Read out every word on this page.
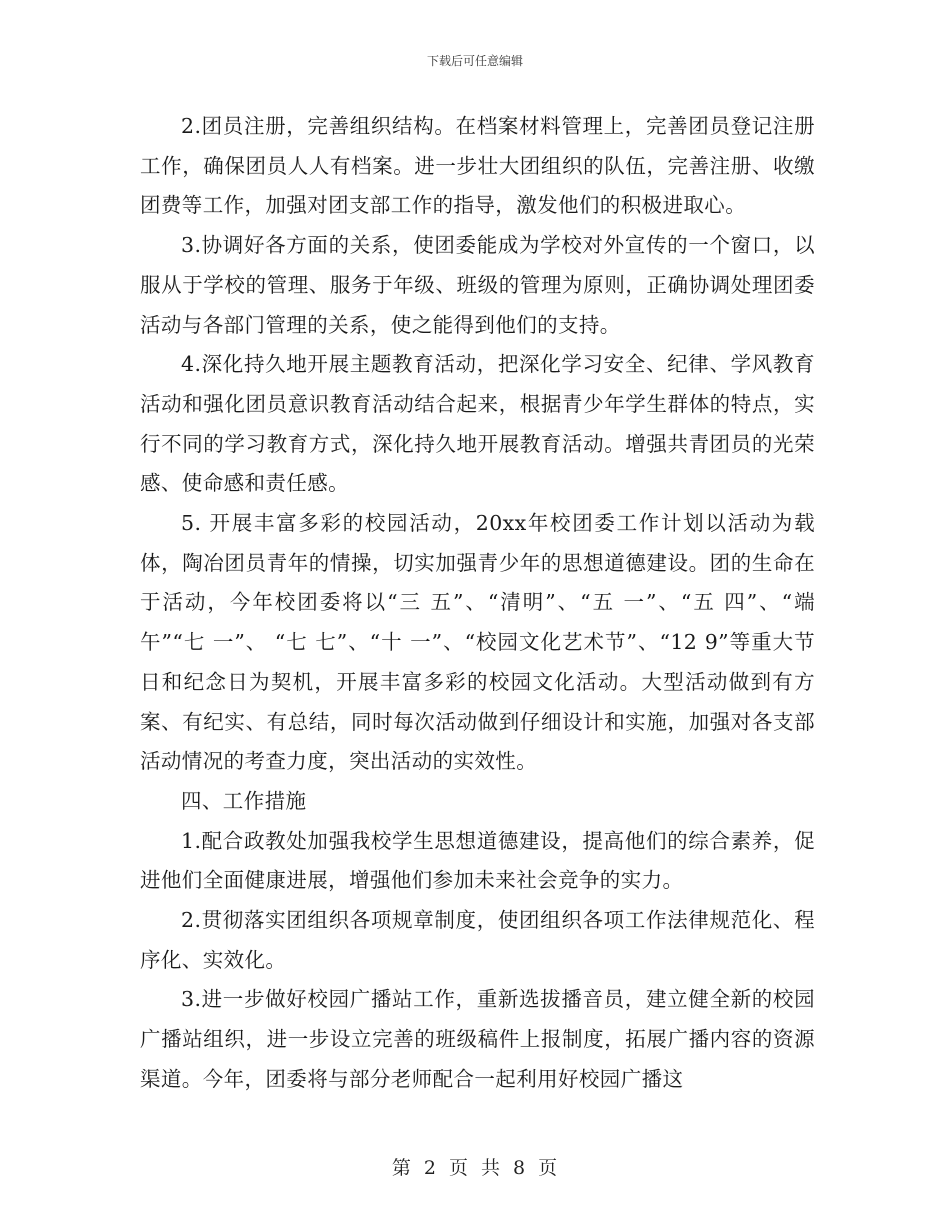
下载后可任意编辑

2.团员注册，完善组织结构。在档案材料管理上，完善团员登记注册工作，确保团员人人有档案。进一步壮大团组织的队伍，完善注册、收缴团费等工作，加强对团支部工作的指导，激发他们的积极进取心。

3.协调好各方面的关系，使团委能成为学校对外宣传的一个窗口，以服从于学校的管理、服务于年级、班级的管理为原则，正确协调处理团委活动与各部门管理的关系，使之能得到他们的支持。

4.深化持久地开展主题教育活动，把深化学习安全、纪律、学风教育活动和强化团员意识教育活动结合起来，根据青少年学生群体的特点，实行不同的学习教育方式，深化持久地开展教育活动。增强共青团员的光荣感、使命感和责任感。

5. 开展丰富多彩的校园活动，20xx年校团委工作计划以活动为载体，陶冶团员青年的情操，切实加强青少年的思想道德建设。团的生命在于活动，今年校团委将以“三 五”、“清明”、“五 一”、“五 四”、“端午”“七 一”、 “七 七”、“十 一”、“校园文化艺术节”、“12 9”等重大节日和纪念日为契机，开展丰富多彩的校园文化活动。大型活动做到有方案、有纪实、有总结，同时每次活动做到仔细设计和实施，加强对各支部活动情况的考查力度，突出活动的实效性。

四、工作措施

1.配合政教处加强我校学生思想道德建设，提高他们的综合素养，促进他们全面健康进展，增强他们参加未来社会竞争的实力。

2.贯彻落实团组织各项规章制度，使团组织各项工作法律规范化、程序化、实效化。

3.进一步做好校园广播站工作，重新选拔播音员，建立健全新的校园广播站组织，进一步设立完善的班级稿件上报制度，拓展广播内容的资源渠道。今年，团委将与部分老师配合一起利用好校园广播这

第 2 页 共 8 页
